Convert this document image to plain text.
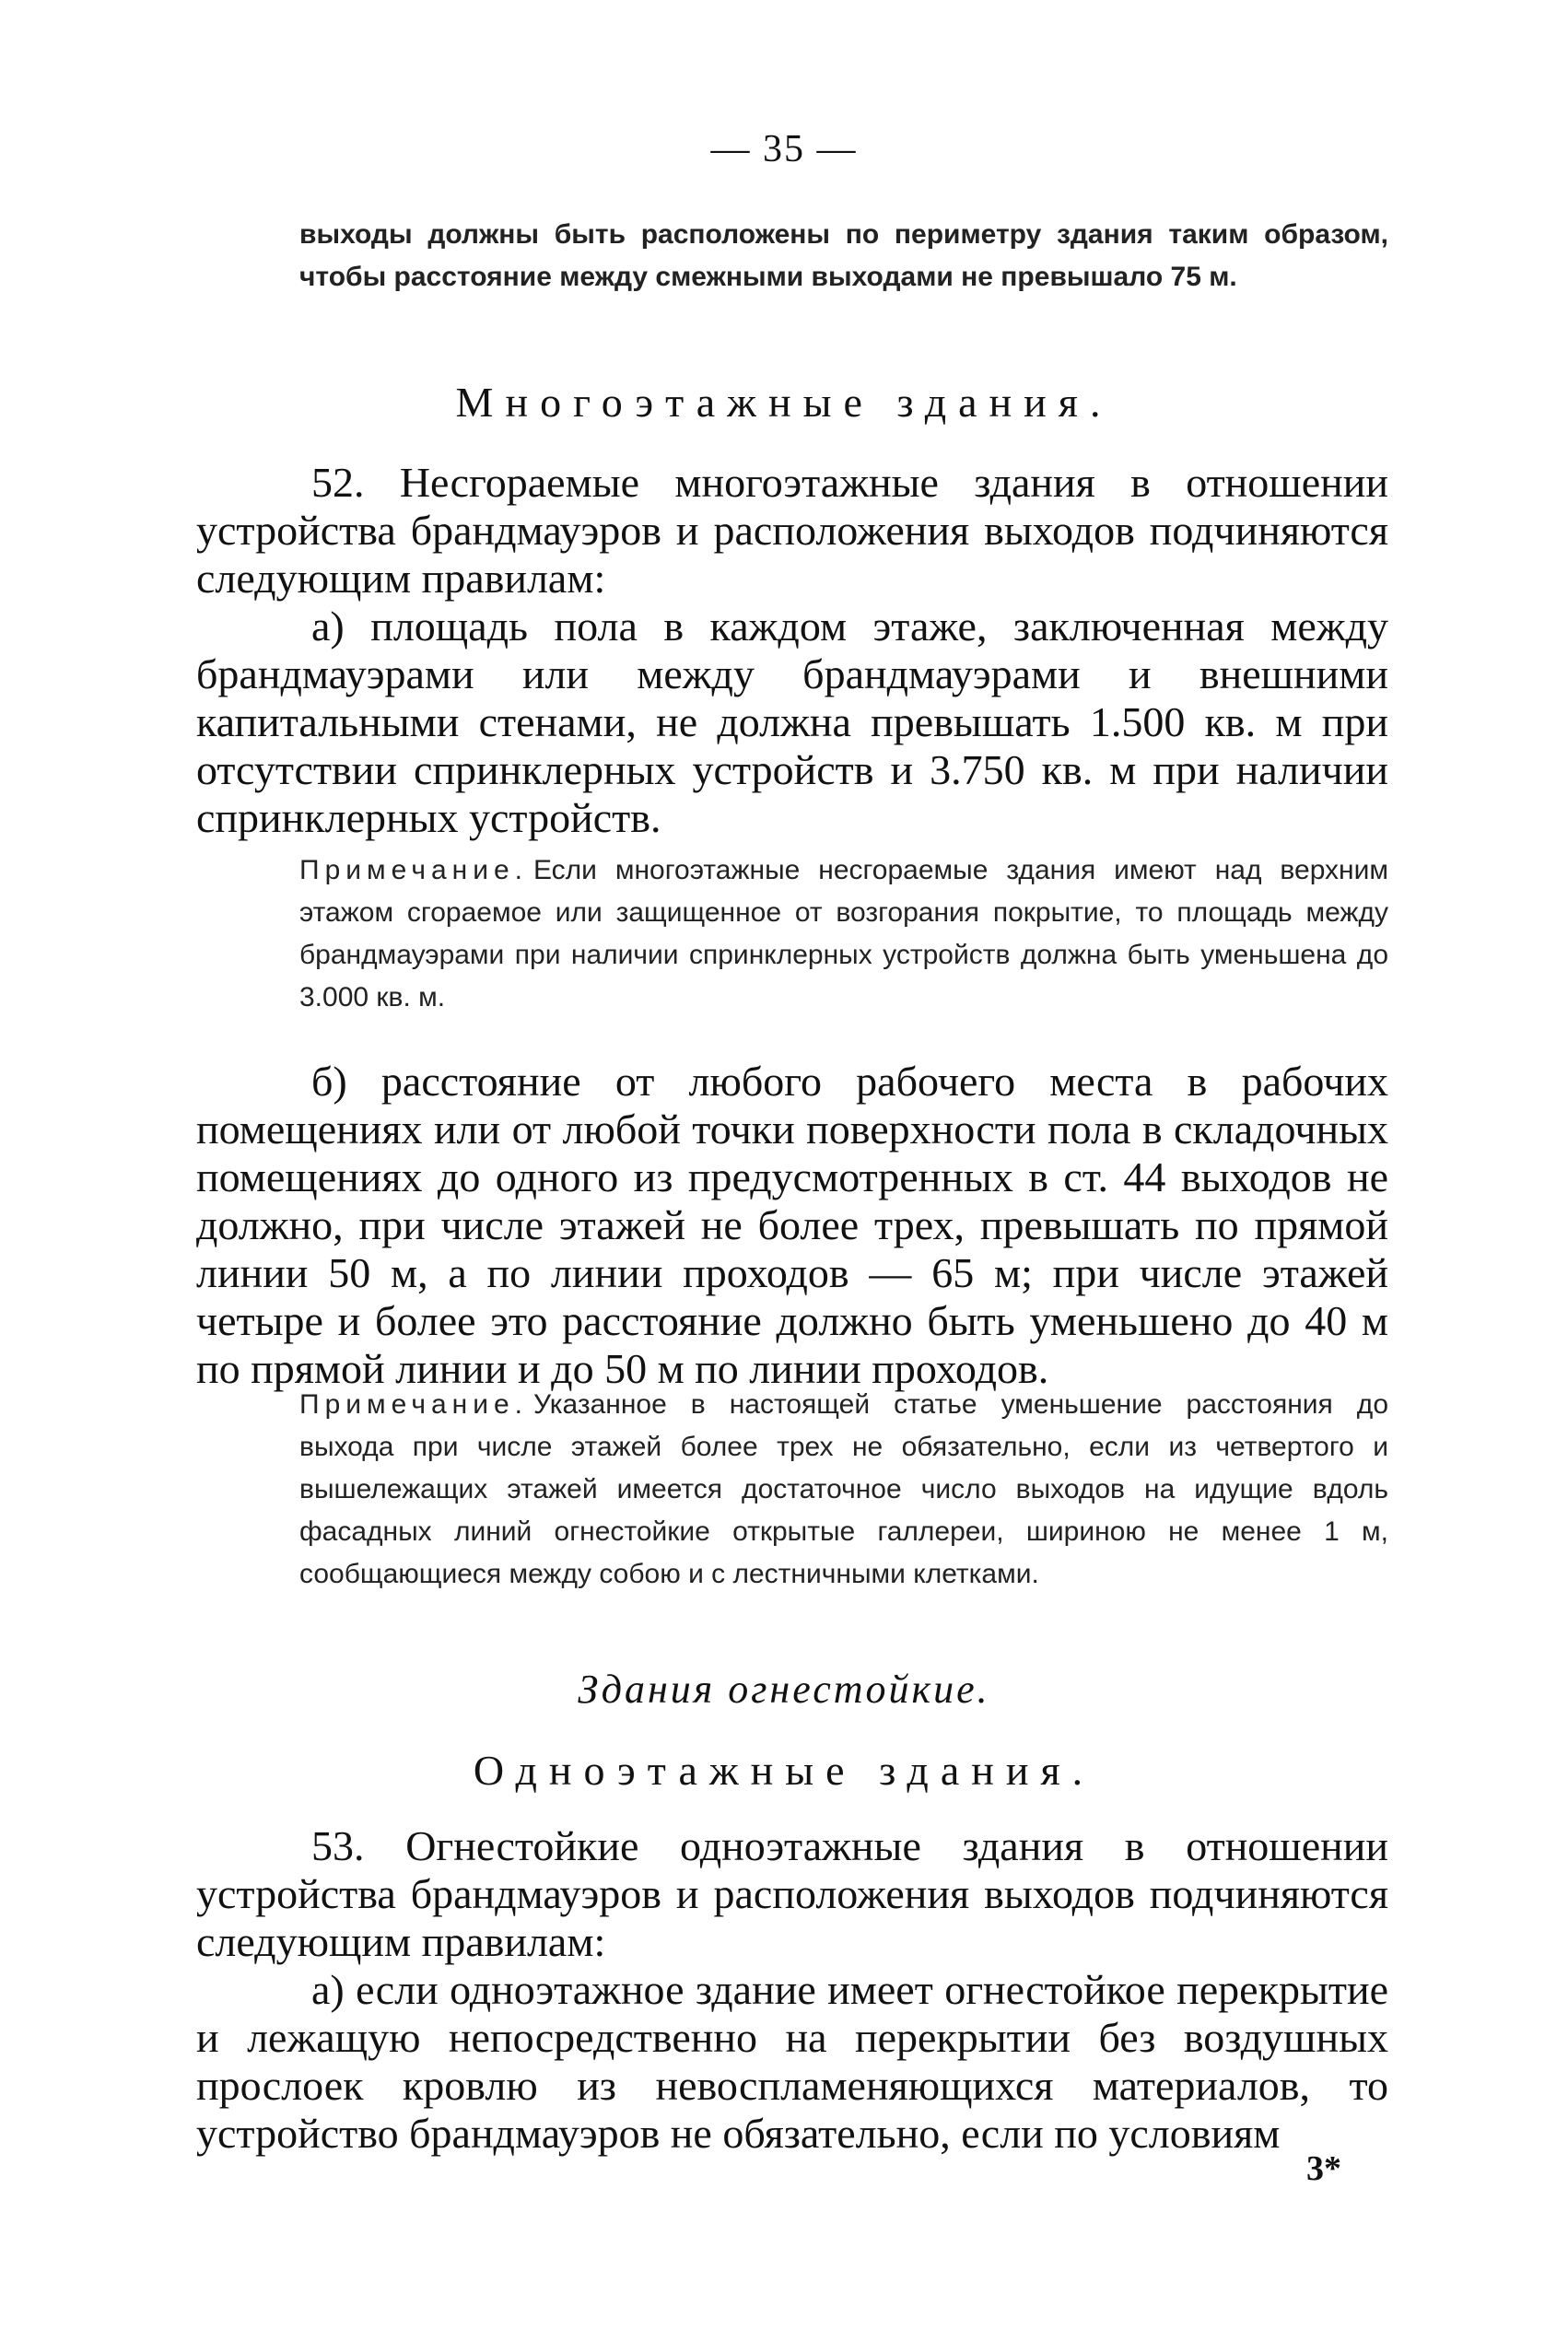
— 35 —
выходы должны быть расположены по периметру здания таким образом, чтобы расстояние между смежными выходами не превышало 75 м.
Многоэтажные здания.

52. Несгораемые многоэтажные здания в отношении устройства брандмауэров и расположения выходов подчиняются следующим правилам:

а) площадь пола в каждом этаже, заключенная между брандмауэрами или между брандмауэрами и внешними капитальными стенами, не должна превышать 1.500 кв. м при отсутствии спринклерных устройств и 3.750 кв. м при наличии спринклерных устройств.

Примечание. Если многоэтажные несгораемые здания имеют над верхним этажом сгораемое или защищенное от возгорания покрытие, то площадь между брандмауэрами при наличии спринклерных устройств должна быть уменьшена до 3.000 кв. м.

б) расстояние от любого рабочего места в рабочих помещениях или от любой точки поверхности пола в складочных помещениях до одного из предусмотренных в ст. 44 выходов не должно, при числе этажей не более трех, превышать по прямой линии 50 м, а по линии проходов — 65 м; при числе этажей четыре и более это расстояние должно быть уменьшено до 40 м по прямой линии и до 50 м по линии проходов.

Примечание. Указанное в настоящей статье уменьшение расстояния до выхода при числе этажей более трех не обязательно, если из четвертого и вышележащих этажей имеется достаточное число выходов на идущие вдоль фасадных линий огнестойкие открытые галлереи, шириною не менее 1 м, сообщающиеся между собою и с лестничными клетками.
Здания огнестойкие.
Одноэтажные здания.

53. Огнестойкие одноэтажные здания в отношении устройства брандмауэров и расположения выходов подчиняются следующим правилам:

а) если одноэтажное здание имеет огнестойкое перекрытие и лежащую непосредственно на перекрытии без воздушных прослоек кровлю из невоспламеняющихся материалов, то устройство брандмауэров не обязательно, если по условиям

3*
